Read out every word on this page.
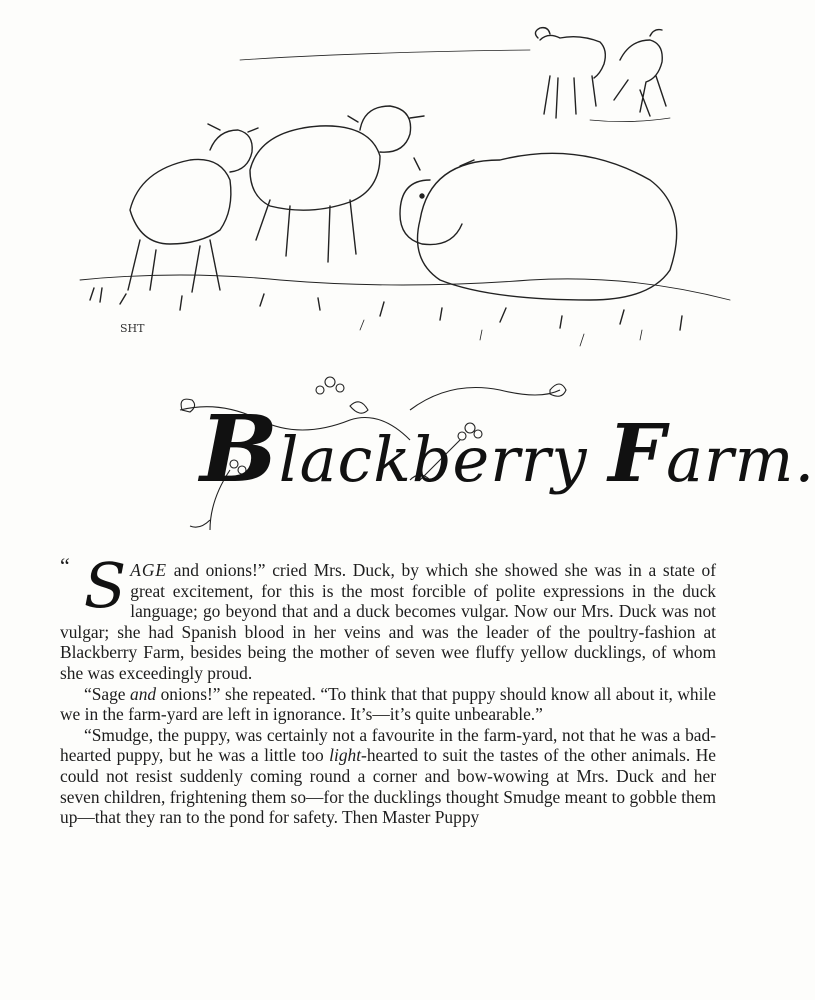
SHT
Blackberry Farm.

“ S AGE and onions!” cried Mrs. Duck, by which she showed she was in a state of great excitement, for this is the most forcible of polite expressions in the duck language; go beyond that and a duck becomes vulgar. Now our Mrs. Duck was not vulgar; she had Spanish blood in her veins and was the leader of the poultry-fashion at Blackberry Farm, besides being the mother of seven wee fluffy yellow ducklings, of whom she was exceedingly proud.

“Sage and onions!” she repeated. “To think that that puppy should know all about it, while we in the farm-yard are left in ignorance. It’s—it’s quite unbearable.”

“Smudge, the puppy, was certainly not a favourite in the farm-yard, not that he was a bad-hearted puppy, but he was a little too light-hearted to suit the tastes of the other animals. He could not resist suddenly coming round a corner and bow-wowing at Mrs. Duck and her seven children, frightening them so—for the ducklings thought Smudge meant to gobble them up—that they ran to the pond for safety. Then Master Puppy
